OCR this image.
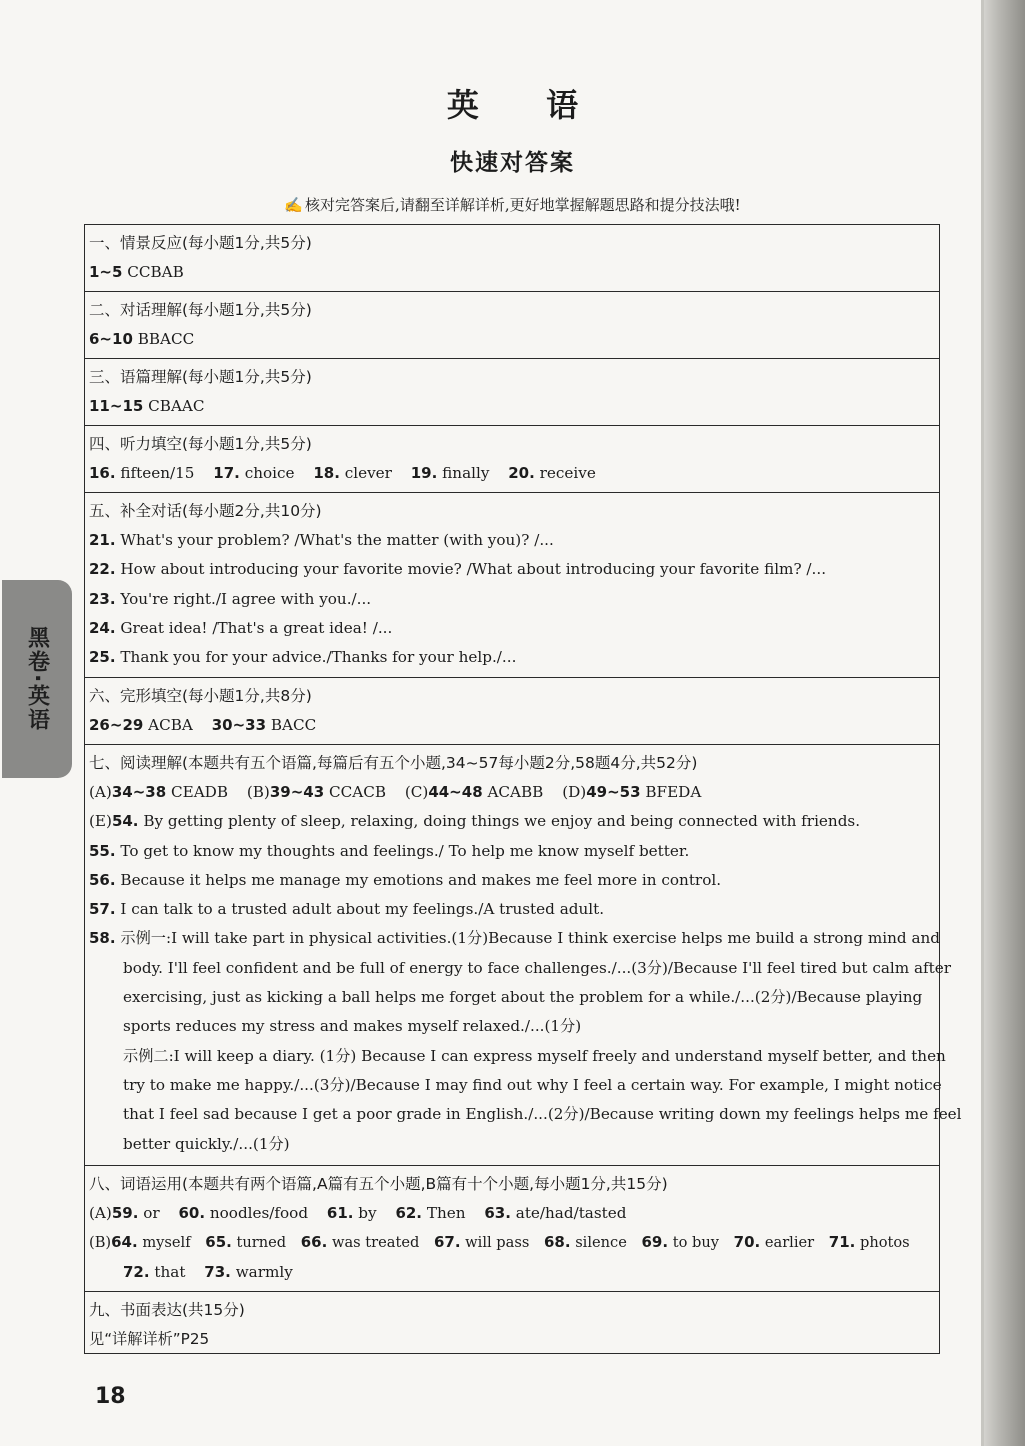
黑卷·英语
英 语
快速对答案
✍ 核对完答案后,请翻至详解详析,更好地掌握解题思路和提分技法哦!
一、情景反应(每小题1分,共5分)
1~5 CCBAB
二、对话理解(每小题1分,共5分)
6~10 BBACC
三、语篇理解(每小题1分,共5分)
11~15 CBAAC
四、听力填空(每小题1分,共5分)
16. fifteen/15 17. choice 18. clever 19. finally 20. receive
五、补全对话(每小题2分,共10分)
21. What's your problem? /What's the matter (with you)? /...
22. How about introducing your favorite movie? /What about introducing your favorite film? /...
23. You're right./I agree with you./...
24. Great idea! /That's a great idea! /...
25. Thank you for your advice./Thanks for your help./...
六、完形填空(每小题1分,共8分)
26~29 ACBA 30~33 BACC
七、阅读理解(本题共有五个语篇,每篇后有五个小题,34~57每小题2分,58题4分,共52分)
(A)34~38 CEADB (B)39~43 CCACB (C)44~48 ACABB (D)49~53 BFEDA
(E)54. By getting plenty of sleep, relaxing, doing things we enjoy and being connected with friends.
55. To get to know my thoughts and feelings./ To help me know myself better.
56. Because it helps me manage my emotions and makes me feel more in control.
57. I can talk to a trusted adult about my feelings./A trusted adult.
58. 示例一:I will take part in physical activities.(1分)Because I think exercise helps me build a strong mind and
body. I'll feel confident and be full of energy to face challenges./...(3分)/Because I'll feel tired but calm after
exercising, just as kicking a ball helps me forget about the problem for a while./...(2分)/Because playing
sports reduces my stress and makes myself relaxed./...(1分)
示例二:I will keep a diary. (1分) Because I can express myself freely and understand myself better, and then
try to make me happy./...(3分)/Because I may find out why I feel a certain way. For example, I might notice
that I feel sad because I get a poor grade in English./...(2分)/Because writing down my feelings helps me feel
better quickly./...(1分)
八、词语运用(本题共有两个语篇,A篇有五个小题,B篇有十个小题,每小题1分,共15分)
(A)59. or 60. noodles/food 61. by 62. Then 63. ate/had/tasted
(B)64. myself 65. turned 66. was treated 67. will pass 68. silence 69. to buy 70. earlier 71. photos
72. that 73. warmly
九、书面表达(共15分)
见“详解详析”P25
18
